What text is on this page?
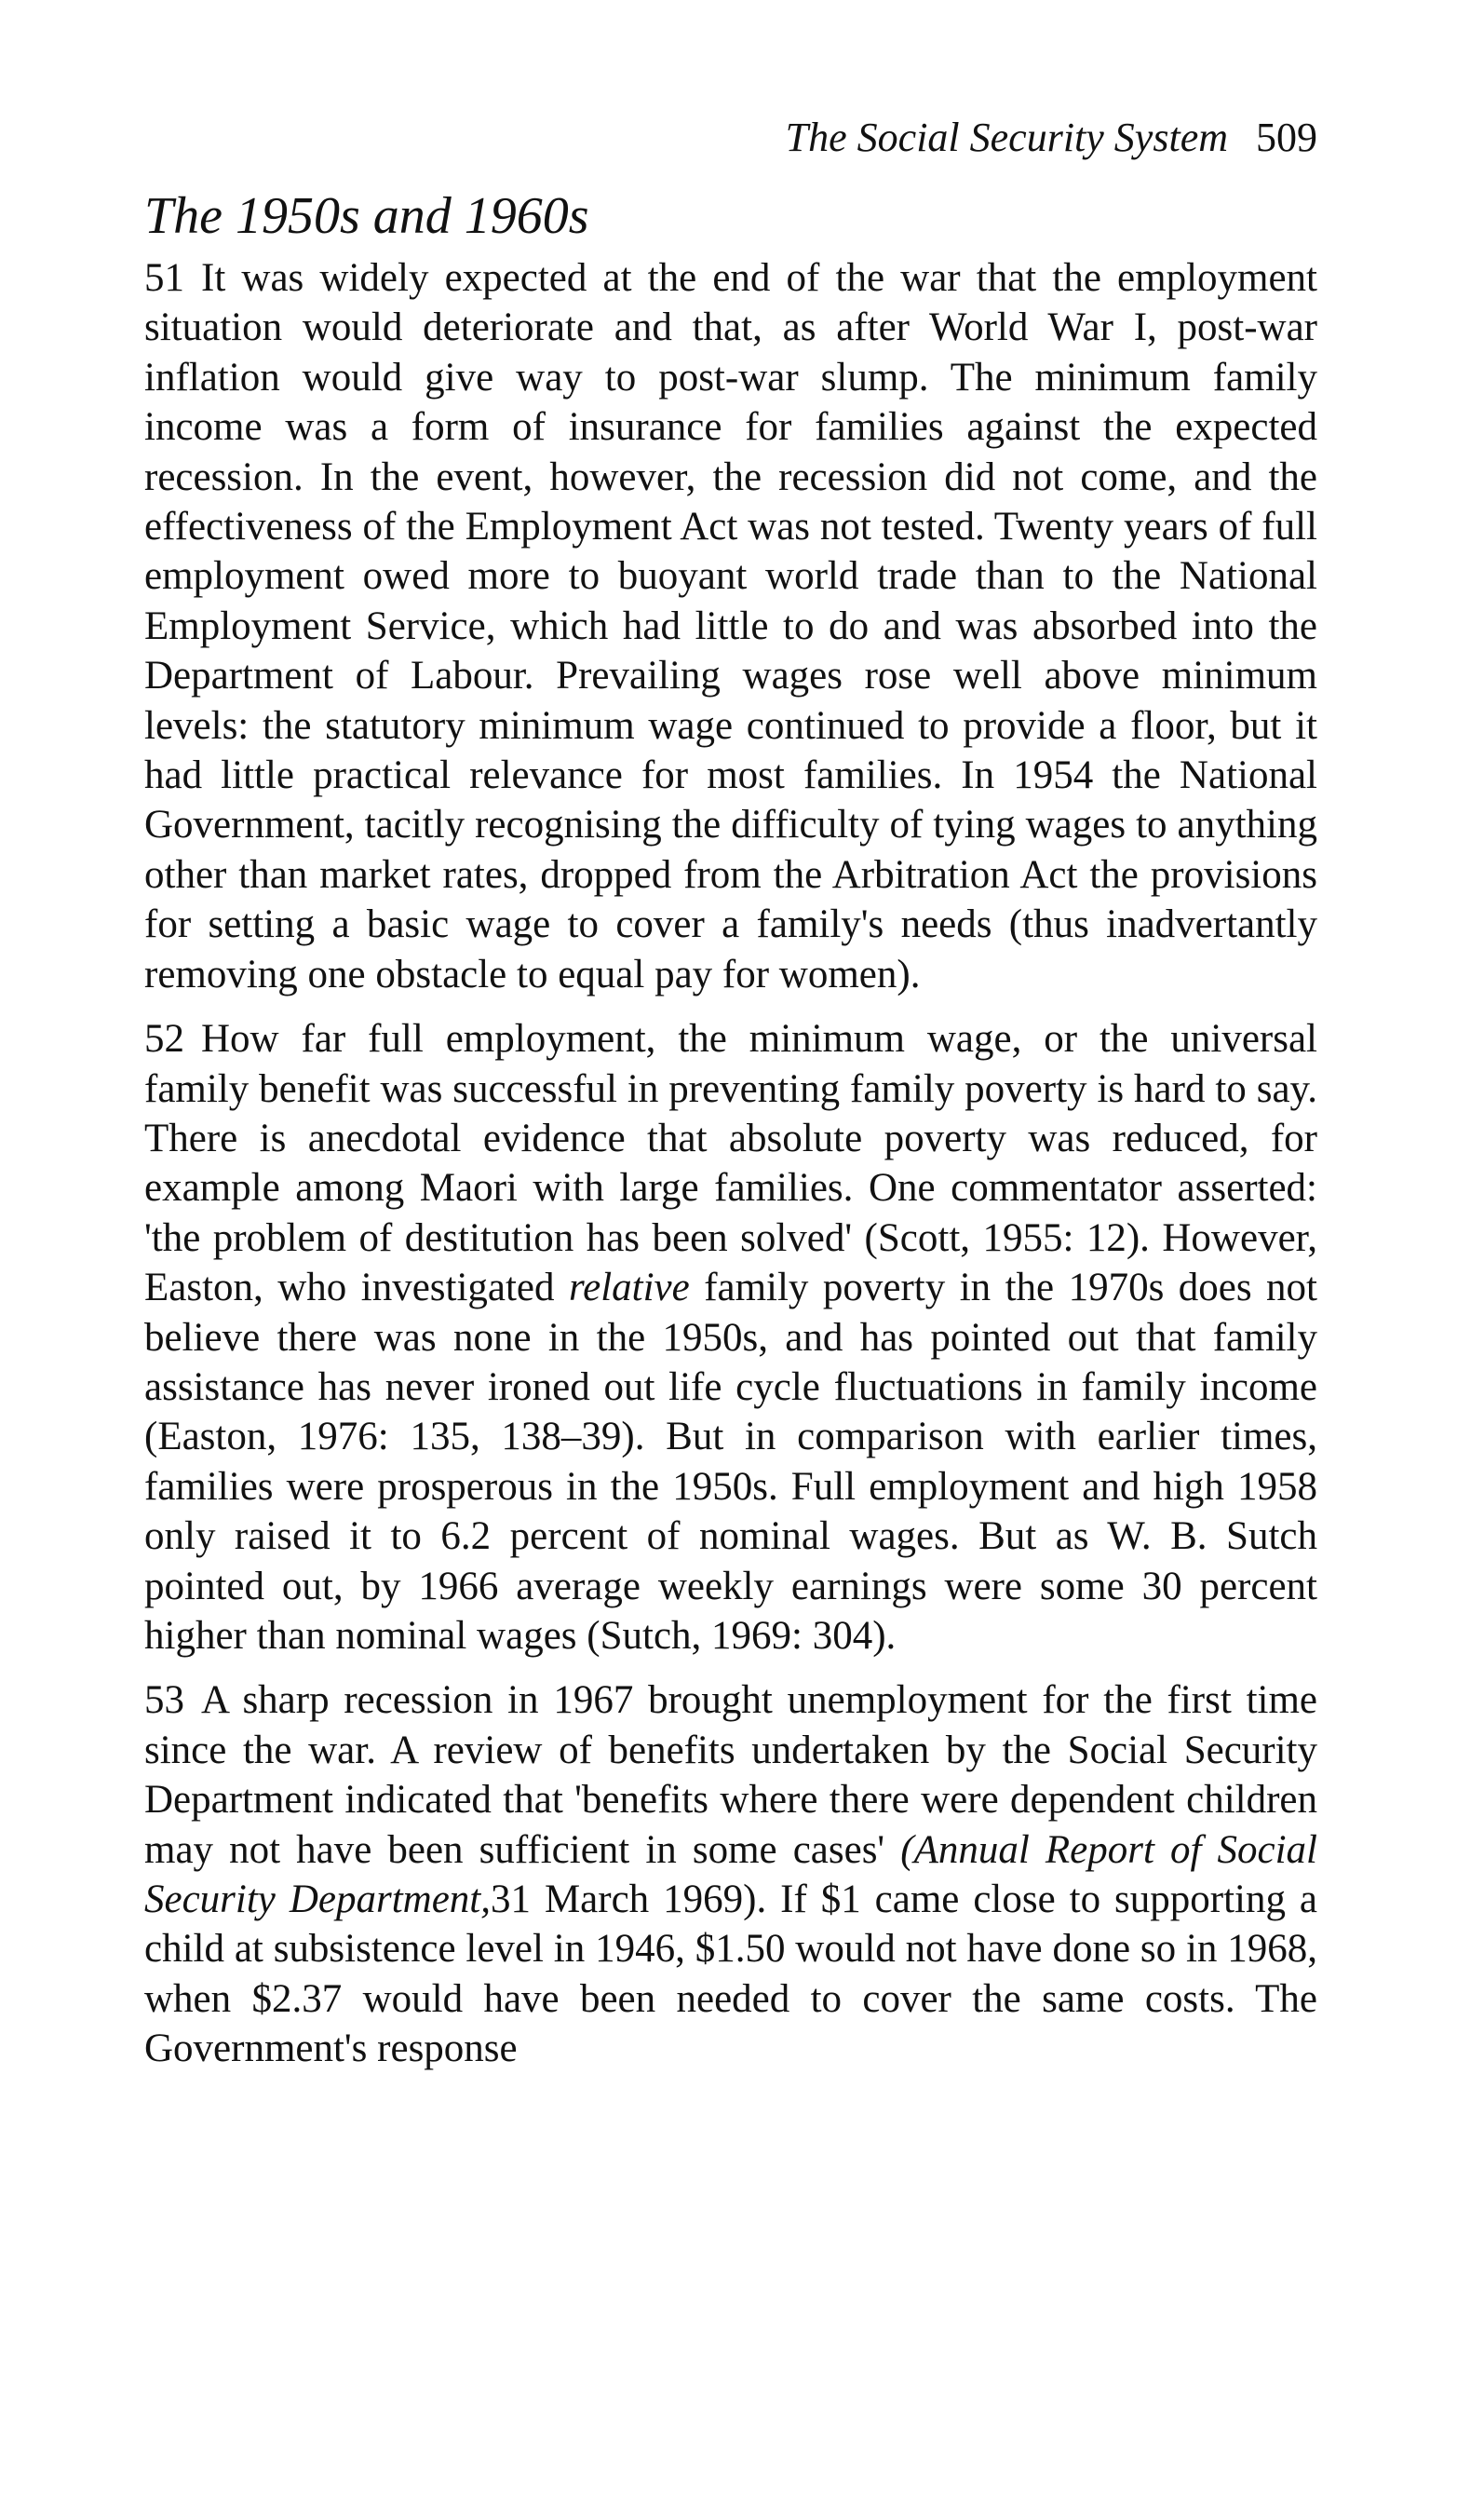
The Social Security System 509
The 1950s and 1960s

51 It was widely expected at the end of the war that the employment situation would deteriorate and that, as after World War I, post-war inflation would give way to post-war slump. The minimum family income was a form of insurance for families against the expected recession. In the event, however, the recession did not come, and the effectiveness of the Employment Act was not tested. Twenty years of full employment owed more to buoyant world trade than to the National Employment Service, which had little to do and was absorbed into the Department of Labour. Prevailing wages rose well above minimum levels: the statutory minimum wage continued to provide a floor, but it had little practical relevance for most families. In 1954 the National Government, tacitly recognising the difficulty of tying wages to anything other than market rates, dropped from the Arbitration Act the provisions for setting a basic wage to cover a family's needs (thus inadvertantly removing one obstacle to equal pay for women).

52 How far full employment, the minimum wage, or the universal family benefit was successful in preventing family poverty is hard to say. There is anecdotal evidence that absolute poverty was reduced, for example among Maori with large families. One commentator asserted: 'the problem of destitution has been solved' (Scott, 1955: 12). However, Easton, who investigated relative family poverty in the 1970s does not believe there was none in the 1950s, and has pointed out that family assistance has never ironed out life cycle fluctuations in family income (Easton, 1976: 135, 138–39). But in comparison with earlier times, families were prosperous in the 1950s. Full employment and high 1958 only raised it to 6.2 percent of nominal wages. But as W. B. Sutch pointed out, by 1966 average weekly earnings were some 30 percent higher than nominal wages (Sutch, 1969: 304).

53 A sharp recession in 1967 brought unemployment for the first time since the war. A review of benefits undertaken by the Social Security Department indicated that 'benefits where there were dependent children may not have been sufficient in some cases' (Annual Report of Social Security Department,31 March 1969). If $1 came close to supporting a child at subsistence level in 1946, $1.50 would not have done so in 1968, when $2.37 would have been needed to cover the same costs. The Government's response
